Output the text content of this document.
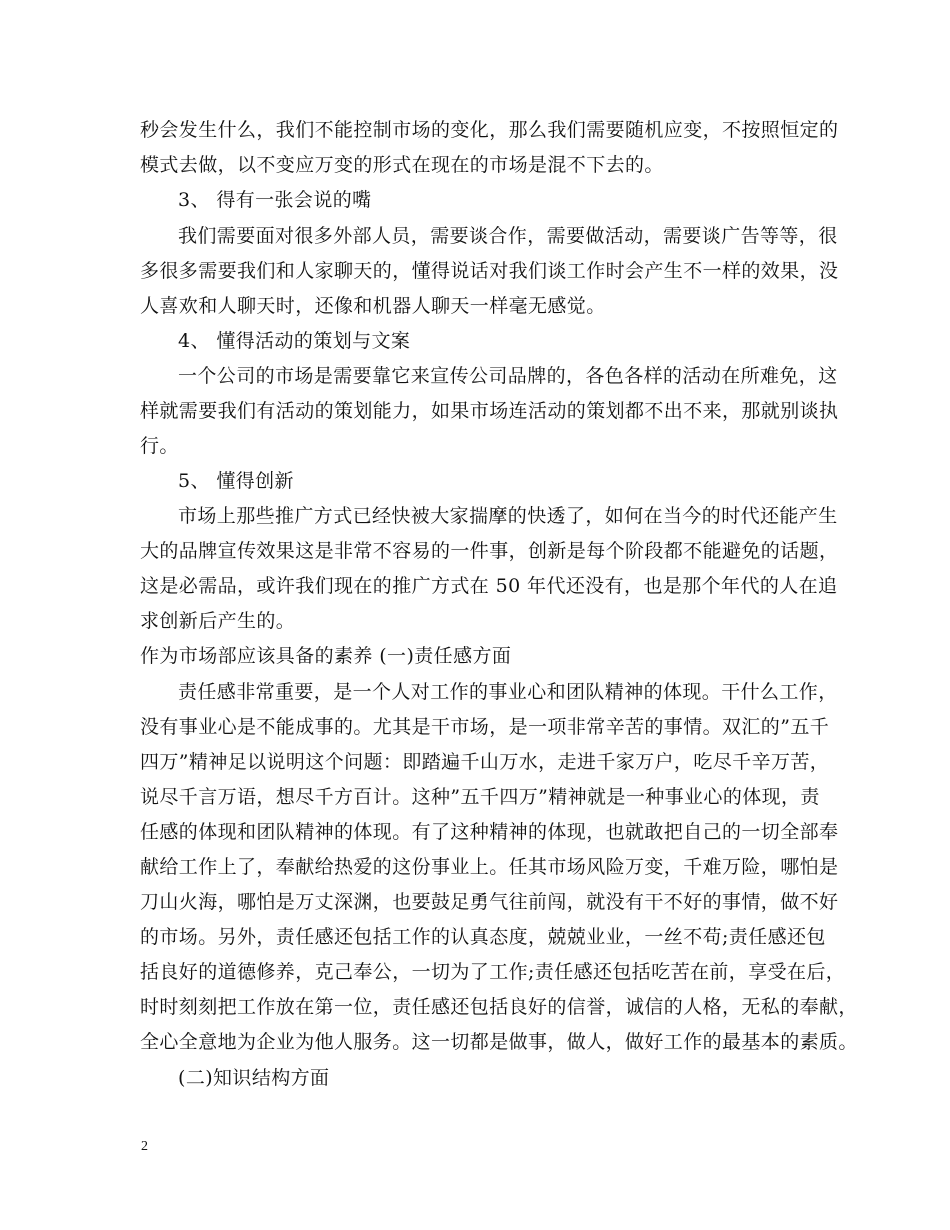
秒会发生什么，我们不能控制市场的变化，那么我们需要随机应变，不按照恒定的
模式去做，以不变应万变的形式在现在的市场是混不下去的。
3、 得有一张会说的嘴
我们需要面对很多外部人员，需要谈合作，需要做活动，需要谈广告等等，很
多很多需要我们和人家聊天的，懂得说话对我们谈工作时会产生不一样的效果，没
人喜欢和人聊天时，还像和机器人聊天一样毫无感觉。
4、 懂得活动的策划与文案
一个公司的市场是需要靠它来宣传公司品牌的，各色各样的活动在所难免，这
样就需要我们有活动的策划能力，如果市场连活动的策划都不出不来，那就别谈执
行。
5、 懂得创新
市场上那些推广方式已经快被大家揣摩的快透了，如何在当今的时代还能产生
大的品牌宣传效果这是非常不容易的一件事，创新是每个阶段都不能避免的话题，
这是必需品，或许我们现在的推广方式在 50 年代还没有，也是那个年代的人在追
求创新后产生的。
作为市场部应该具备的素养 (一)责任感方面
责任感非常重要，是一个人对工作的事业心和团队精神的体现。干什么工作，
没有事业心是不能成事的。尤其是干市场，是一项非常辛苦的事情。双汇的”五千
四万”精神足以说明这个问题：即踏遍千山万水，走进千家万户，吃尽千辛万苦，
说尽千言万语，想尽千方百计。这种”五千四万”精神就是一种事业心的体现，责
任感的体现和团队精神的体现。有了这种精神的体现，也就敢把自己的一切全部奉
献给工作上了，奉献给热爱的这份事业上。任其市场风险万变，千难万险，哪怕是
刀山火海，哪怕是万丈深渊，也要鼓足勇气往前闯，就没有干不好的事情，做不好
的市场。另外，责任感还包括工作的认真态度，兢兢业业，一丝不苟;责任感还包
括良好的道德修养，克己奉公，一切为了工作;责任感还包括吃苦在前，享受在后，
时时刻刻把工作放在第一位，责任感还包括良好的信誉，诚信的人格，无私的奉献，
全心全意地为企业为他人服务。这一切都是做事，做人，做好工作的最基本的素质。
(二)知识结构方面
2
